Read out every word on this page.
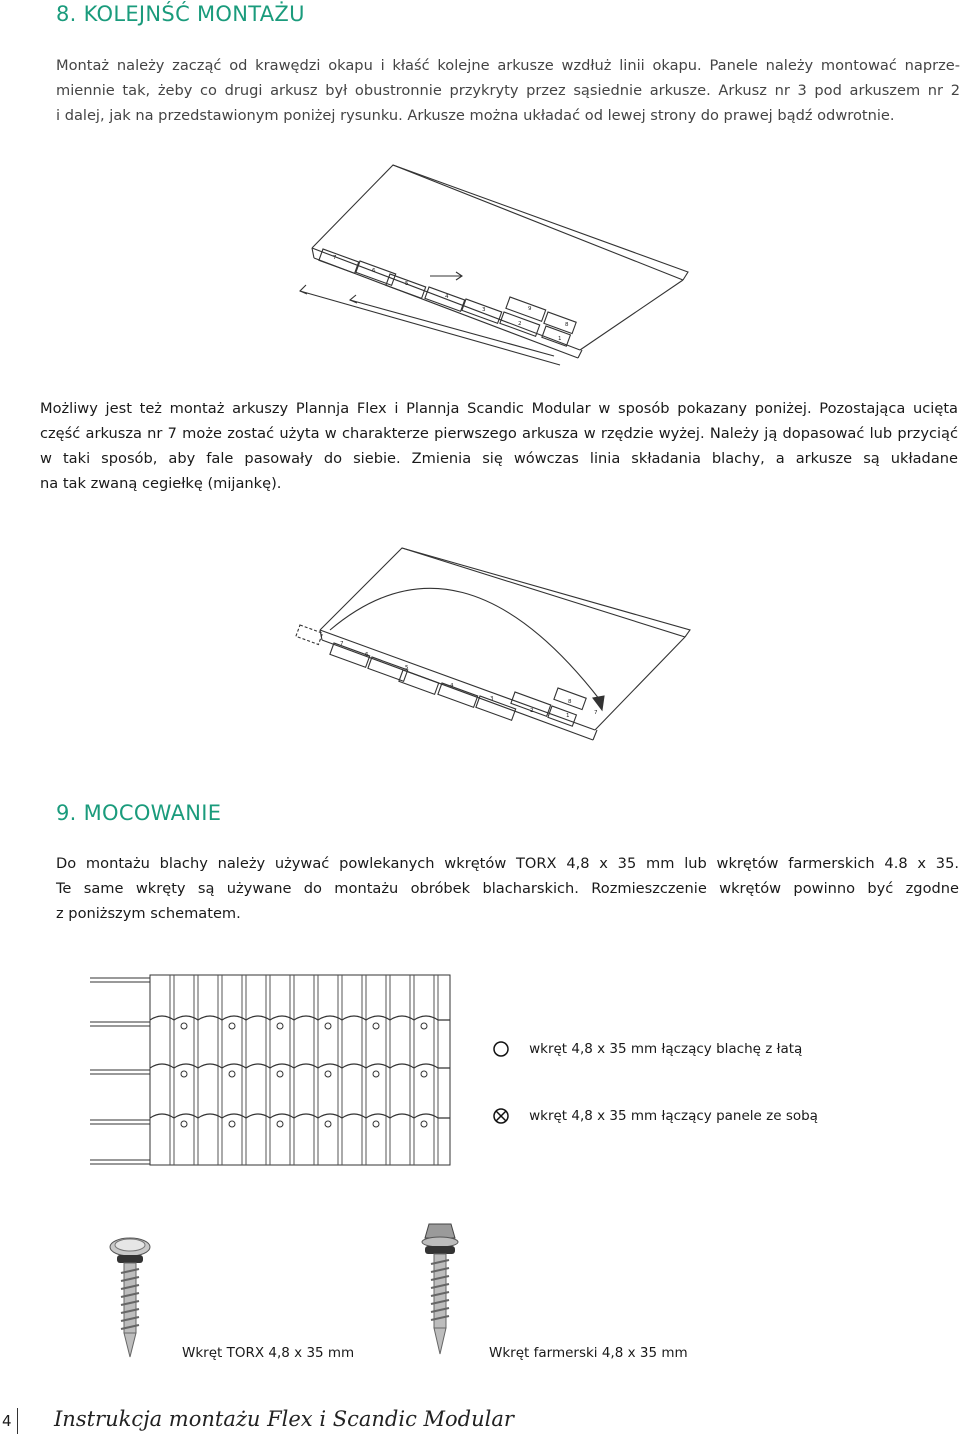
8. KOLEJNŚĆ MONTAŻU
Montaż należy zacząć od krawędzi okapu i kłaść kolejne arkusze wzdłuż linii okapu. Panele należy montować naprze-
miennie tak, żeby co drugi arkusz był obustronnie przykryty przez sąsiednie arkusze. Arkusz nr 3 pod arkuszem nr 2
i dalej, jak na przedstawionym poniżej rysunku. Arkusze można układać od lewej strony do prawej bądź odwrotnie.
7
6
5
4
3	9
2	8
1
Możliwy jest też montaż arkuszy Plannja Flex i Plannja Scandic Modular w sposób pokazany poniżej. Pozostająca ucięta
część arkusza nr 7 może zostać użyta w charakterze pierwszego arkusza w rzędzie wyżej. Należy ją dopasować lub przyciąć
w taki sposób, aby fale pasowały do siebie. Zmienia się wówczas linia składania blachy, a arkusze są układane
na tak zwaną cegiełkę (mijankę).
7
6
5
4
3
2
8
1	7
9. MOCOWANIE
Do montażu blachy należy używać powlekanych wkrętów TORX 4,8 x 35 mm lub wkrętów farmerskich 4.8 x 35.
Te same wkręty są używane do montażu obróbek blacharskich. Rozmieszczenie wkrętów powinno być zgodne
z poniższym schematem.
wkręt 4,8 x 35 mm łączący blachę z łatą
wkręt 4,8 x 35 mm łączący panele ze sobą
Wkręt TORX 4,8 x 35 mm	Wkręt farmerski 4,8 x 35 mm
4 Instrukcja montażu Flex i Scandic Modular
